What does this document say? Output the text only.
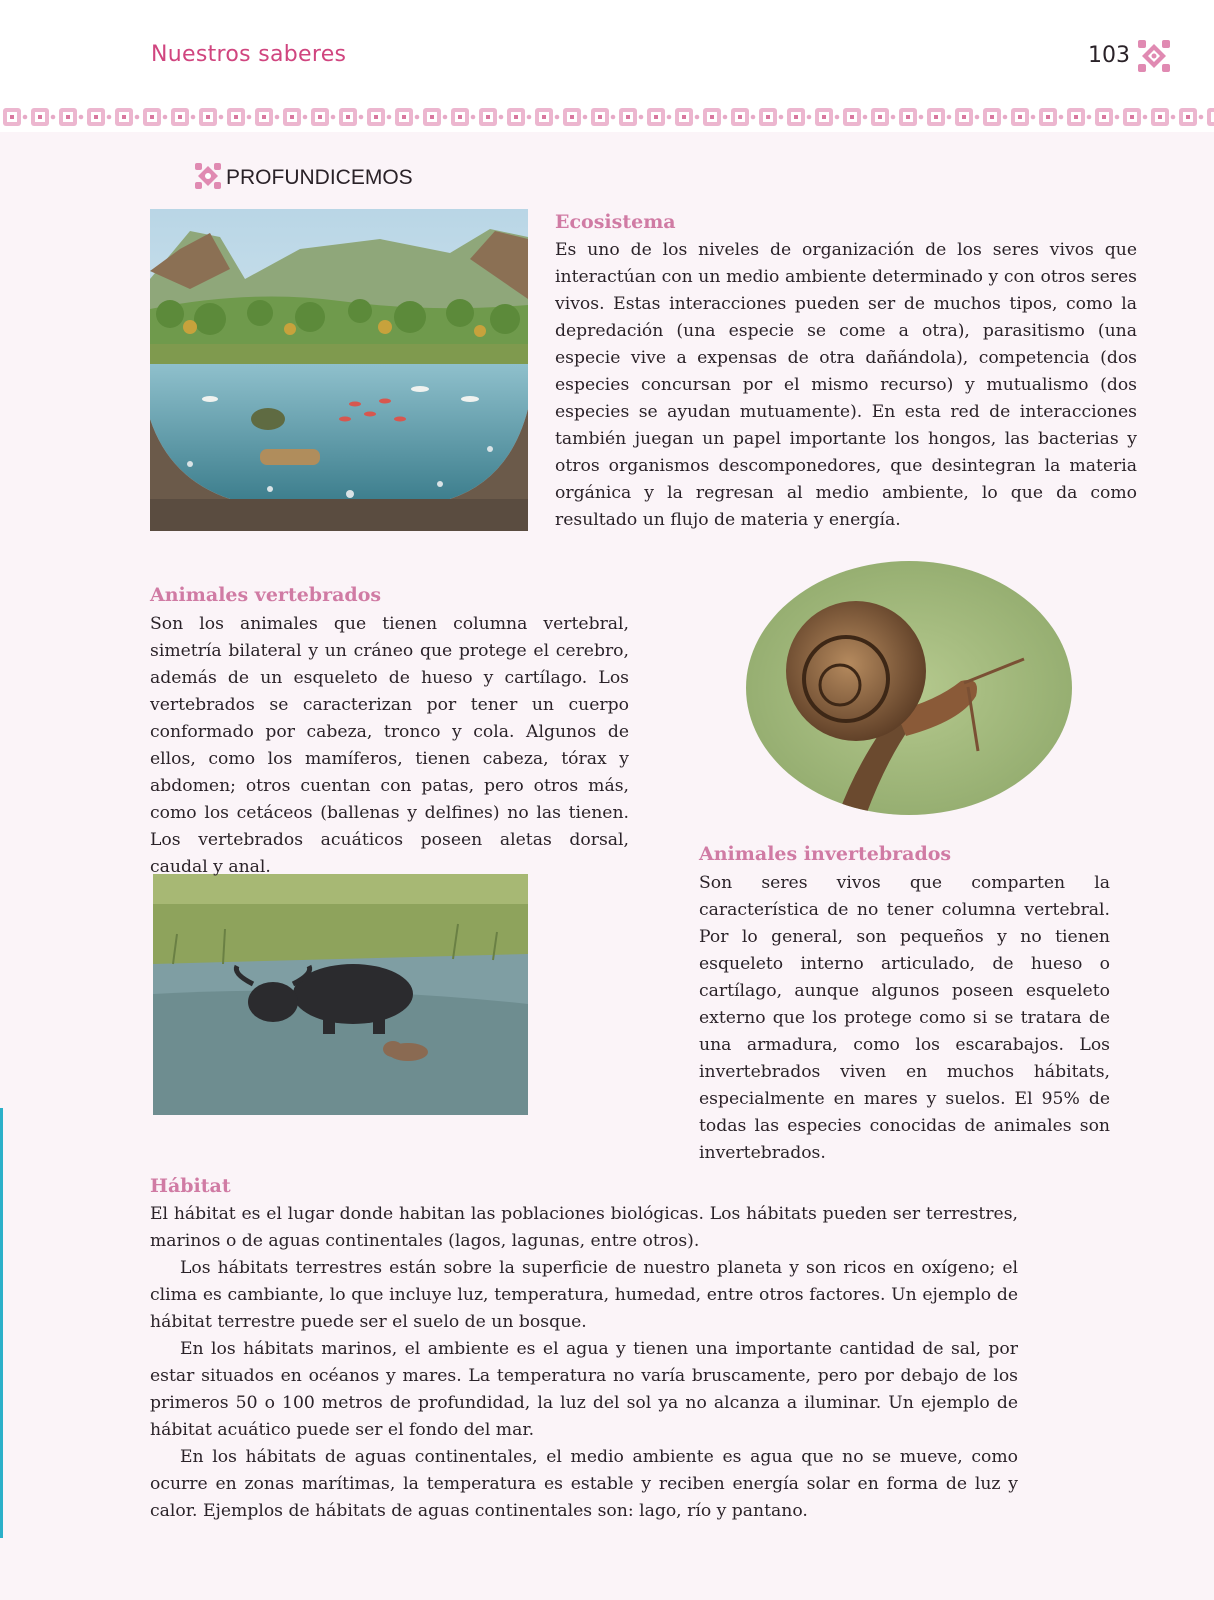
Nuestros saberes	103
PROFUNDICEMOS
Ecosistema
Es uno de los niveles de organización de los seres vivos que interactúan con un medio ambiente determinado y con otros seres vivos. Estas interacciones pueden ser de muchos tipos, como la depredación (una especie se come a otra), parasitismo (una especie vive a expensas de otra dañándola), competencia (dos especies concursan por el mismo recurso) y mutualismo (dos especies se ayudan mutuamente). En esta red de interacciones también juegan un papel importante los hongos, las bacterias y otros organismos descomponedores, que desintegran la materia orgánica y la regresan al medio ambiente, lo que da como resultado un flujo de materia y energía.
Animales vertebrados
Son los animales que tienen columna vertebral, simetría bilateral y un cráneo que protege el cerebro, además de un esqueleto de hueso y cartílago. Los vertebrados se caracterizan por tener un cuerpo conformado por cabeza, tronco y cola. Algunos de ellos, como los mamíferos, tienen cabeza, tórax y abdomen; otros cuentan con patas, pero otros más, como los cetáceos (ballenas y delfines) no las tienen. Los vertebrados acuáticos poseen aletas dorsal, caudal y anal.
Animales invertebrados
Son seres vivos que comparten la característica de no tener columna vertebral. Por lo general, son pequeños y no tienen esqueleto interno articulado, de hueso o cartílago, aunque algunos poseen esqueleto externo que los protege como si se tratara de una armadura, como los escarabajos. Los invertebrados viven en muchos hábitats, especialmente en mares y suelos. El 95% de todas las especies conocidas de animales son invertebrados.
Hábitat

El hábitat es el lugar donde habitan las poblaciones biológicas. Los hábitats pueden ser terrestres, marinos o de aguas continentales (lagos, lagunas, entre otros).

Los hábitats terrestres están sobre la superficie de nuestro planeta y son ricos en oxígeno; el clima es cambiante, lo que incluye luz, temperatura, humedad, entre otros factores. Un ejemplo de hábitat terrestre puede ser el suelo de un bosque.

En los hábitats marinos, el ambiente es el agua y tienen una importante cantidad de sal, por estar situados en océanos y mares. La temperatura no varía bruscamente, pero por debajo de los primeros 50 o 100 metros de profundidad, la luz del sol ya no alcanza a iluminar. Un ejemplo de hábitat acuático puede ser el fondo del mar.

En los hábitats de aguas continentales, el medio ambiente es agua que no se mueve, como ocurre en zonas marítimas, la temperatura es estable y reciben energía solar en forma de luz y calor. Ejemplos de hábitats de aguas continentales son: lago, río y pantano.
